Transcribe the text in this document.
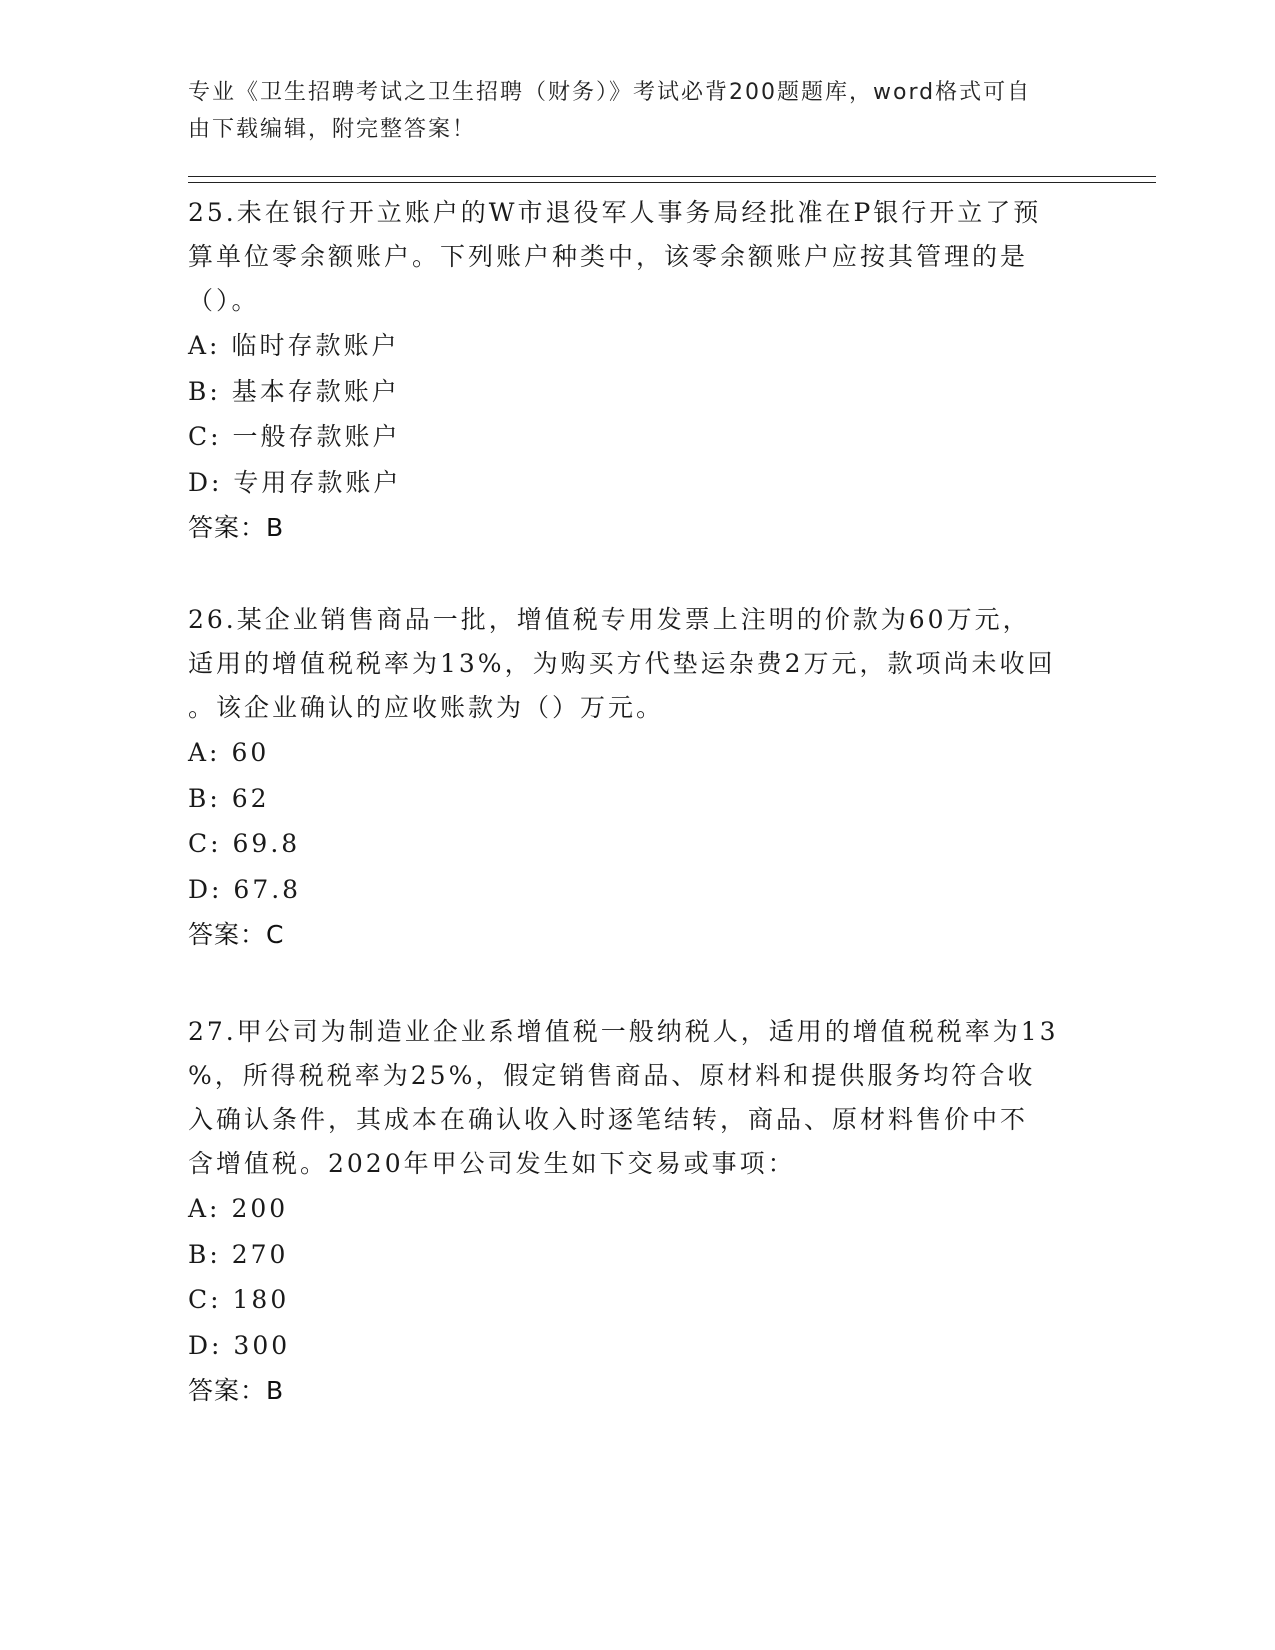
专业《卫生招聘考试之卫生招聘（财务）》考试必背200题题库，word格式可自
由下载编辑，附完整答案！

25.未在银行开立账户的W市退役军人事务局经批准在P银行开立了预

算单位零余额账户。下列账户种类中，该零余额账户应按其管理的是

（）。

A: 临时存款账户

B: 基本存款账户

C: 一般存款账户

D: 专用存款账户

答案：B

26.某企业销售商品一批，增值税专用发票上注明的价款为60万元，

适用的增值税税率为13%，为购买方代垫运杂费2万元，款项尚未收回

。该企业确认的应收账款为（）万元。

A: 60

B: 62

C: 69.8

D: 67.8

答案：C

27.甲公司为制造业企业系增值税一般纳税人，适用的增值税税率为13

%，所得税税率为25%，假定销售商品、原材料和提供服务均符合收

入确认条件，其成本在确认收入时逐笔结转，商品、原材料售价中不

含增值税。2020年甲公司发生如下交易或事项：

A: 200

B: 270

C: 180

D: 300

答案：B
